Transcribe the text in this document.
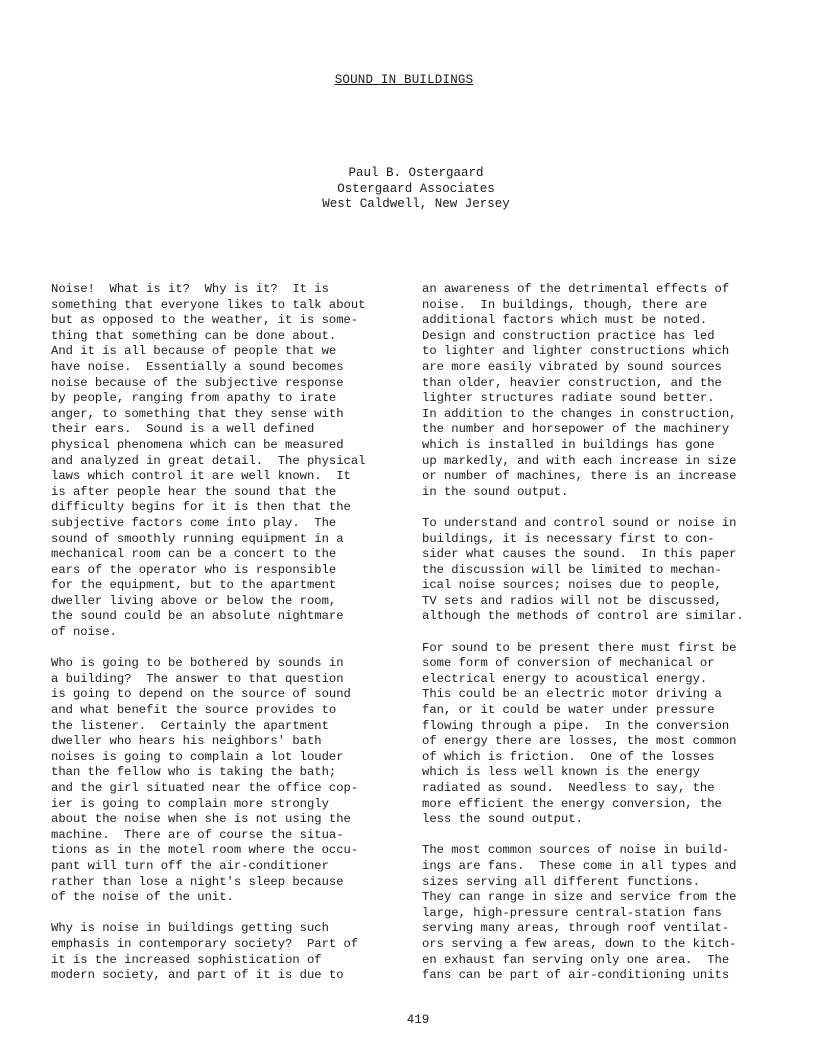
SOUND IN BUILDINGS
Paul B. Ostergaard
Ostergaard Associates
West Caldwell, New Jersey
Noise!  What is it?  Why is it?  It is
something that everyone likes to talk about
but as opposed to the weather, it is some-
thing that something can be done about.
And it is all because of people that we
have noise.  Essentially a sound becomes
noise because of the subjective response
by people, ranging from apathy to irate
anger, to something that they sense with
their ears.  Sound is a well defined
physical phenomena which can be measured
and analyzed in great detail.  The physical
laws which control it are well known.  It
is after people hear the sound that the
difficulty begins for it is then that the
subjective factors come into play.  The
sound of smoothly running equipment in a
mechanical room can be a concert to the
ears of the operator who is responsible
for the equipment, but to the apartment
dweller living above or below the room,
the sound could be an absolute nightmare
of noise.
Who is going to be bothered by sounds in
a building?  The answer to that question
is going to depend on the source of sound
and what benefit the source provides to
the listener.  Certainly the apartment
dweller who hears his neighbors' bath
noises is going to complain a lot louder
than the fellow who is taking the bath;
and the girl situated near the office cop-
ier is going to complain more strongly
about the noise when she is not using the
machine.  There are of course the situa-
tions as in the motel room where the occu-
pant will turn off the air-conditioner
rather than lose a night's sleep because
of the noise of the unit.
Why is noise in buildings getting such
emphasis in contemporary society?  Part of
it is the increased sophistication of
modern society, and part of it is due to
an awareness of the detrimental effects of
noise.  In buildings, though, there are
additional factors which must be noted.
Design and construction practice has led
to lighter and lighter constructions which
are more easily vibrated by sound sources
than older, heavier construction, and the
lighter structures radiate sound better.
In addition to the changes in construction,
the number and horsepower of the machinery
which is installed in buildings has gone
up markedly, and with each increase in size
or number of machines, there is an increase
in the sound output.
To understand and control sound or noise in
buildings, it is necessary first to con-
sider what causes the sound.  In this paper
the discussion will be limited to mechan-
ical noise sources; noises due to people,
TV sets and radios will not be discussed,
although the methods of control are similar.
For sound to be present there must first be
some form of conversion of mechanical or
electrical energy to acoustical energy.
This could be an electric motor driving a
fan, or it could be water under pressure
flowing through a pipe.  In the conversion
of energy there are losses, the most common
of which is friction.  One of the losses
which is less well known is the energy
radiated as sound.  Needless to say, the
more efficient the energy conversion, the
less the sound output.
The most common sources of noise in build-
ings are fans.  These come in all types and
sizes serving all different functions.
They can range in size and service from the
large, high-pressure central-station fans
serving many areas, through roof ventilat-
ors serving a few areas, down to the kitch-
en exhaust fan serving only one area.  The
fans can be part of air-conditioning units
419
